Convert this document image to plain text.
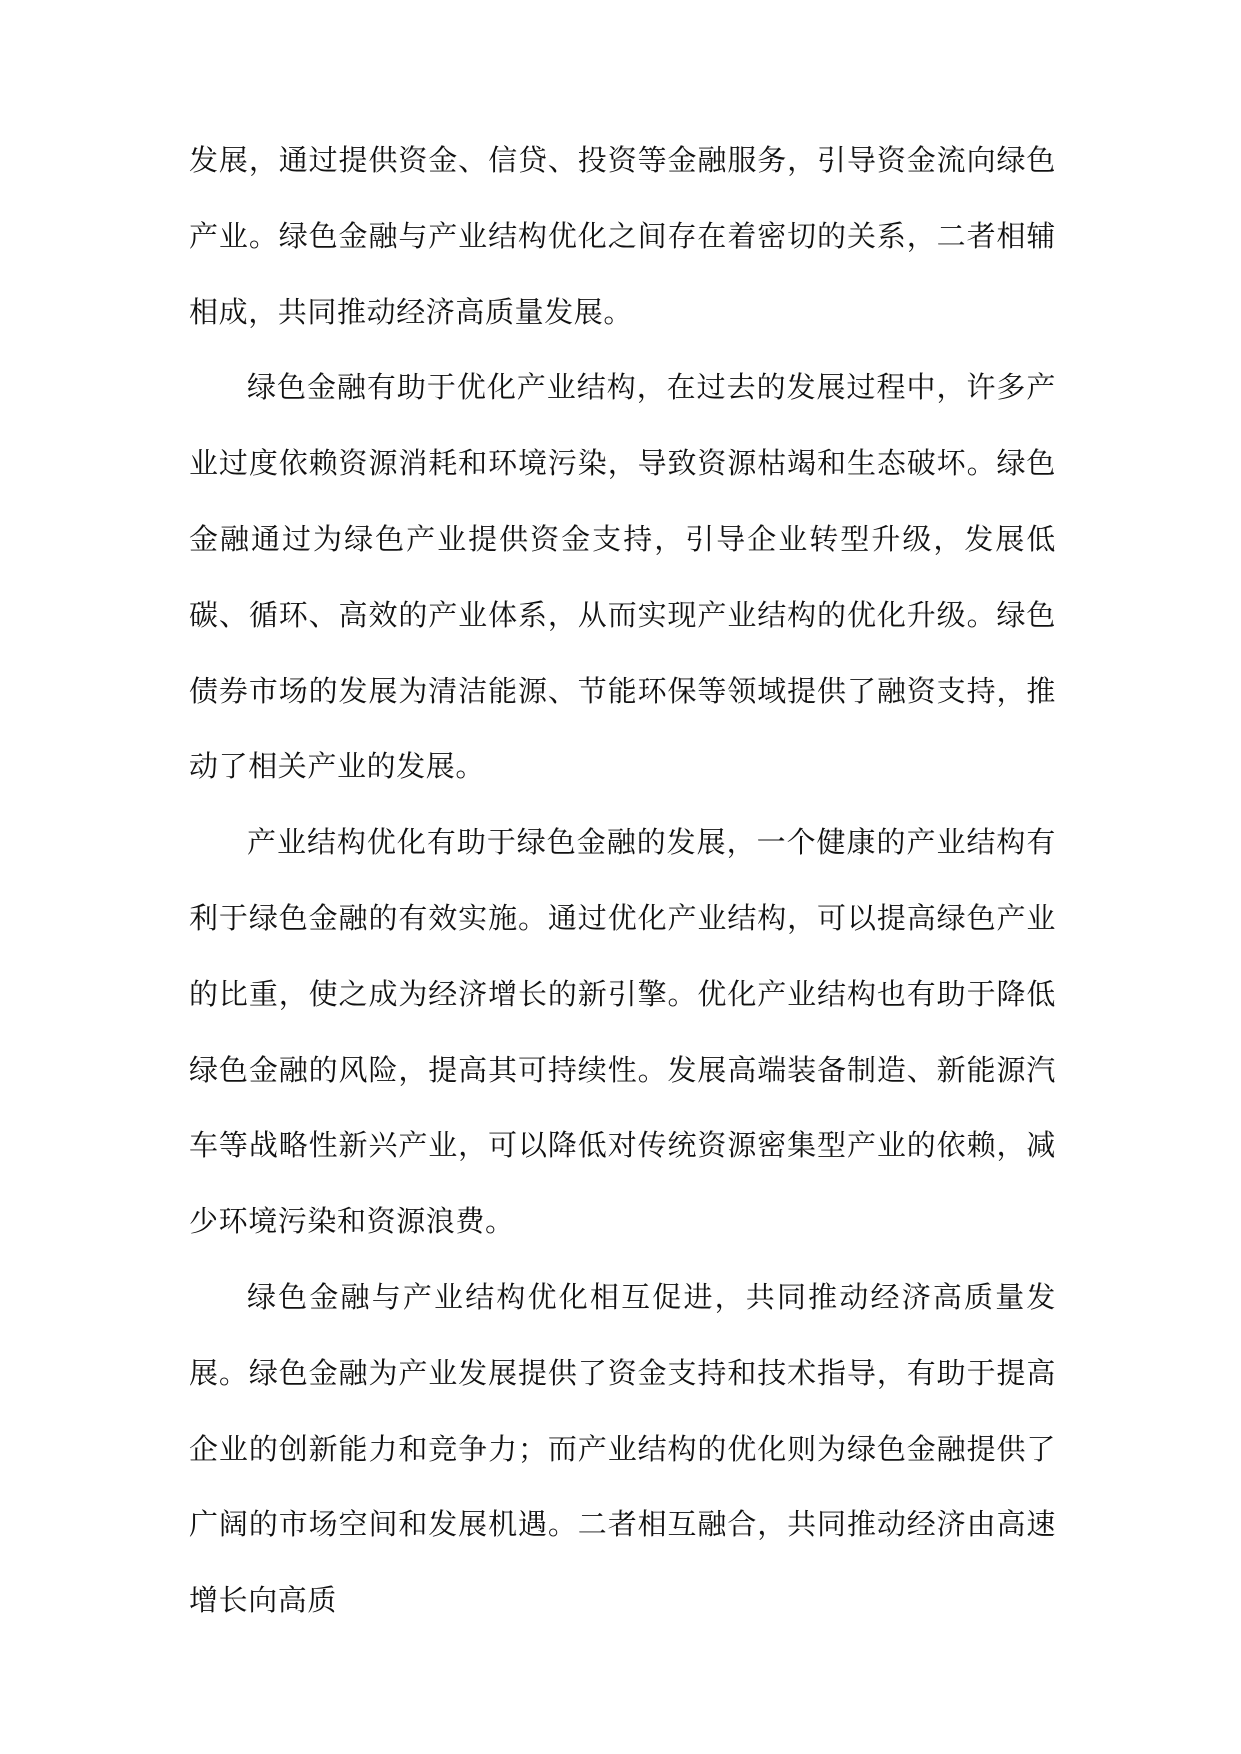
发展，通过提供资金、信贷、投资等金融服务，引导资金流向绿色产业。绿色金融与产业结构优化之间存在着密切的关系，二者相辅相成，共同推动经济高质量发展。

绿色金融有助于优化产业结构，在过去的发展过程中，许多产业过度依赖资源消耗和环境污染，导致资源枯竭和生态破坏。绿色金融通过为绿色产业提供资金支持，引导企业转型升级，发展低碳、循环、高效的产业体系，从而实现产业结构的优化升级。绿色债券市场的发展为清洁能源、节能环保等领域提供了融资支持，推动了相关产业的发展。

产业结构优化有助于绿色金融的发展，一个健康的产业结构有利于绿色金融的有效实施。通过优化产业结构，可以提高绿色产业的比重，使之成为经济增长的新引擎。优化产业结构也有助于降低绿色金融的风险，提高其可持续性。发展高端装备制造、新能源汽车等战略性新兴产业，可以降低对传统资源密集型产业的依赖，减少环境污染和资源浪费。

绿色金融与产业结构优化相互促进，共同推动经济高质量发展。绿色金融为产业发展提供了资金支持和技术指导，有助于提高企业的创新能力和竞争力；而产业结构的优化则为绿色金融提供了广阔的市场空间和发展机遇。二者相互融合，共同推动经济由高速增长向高质
